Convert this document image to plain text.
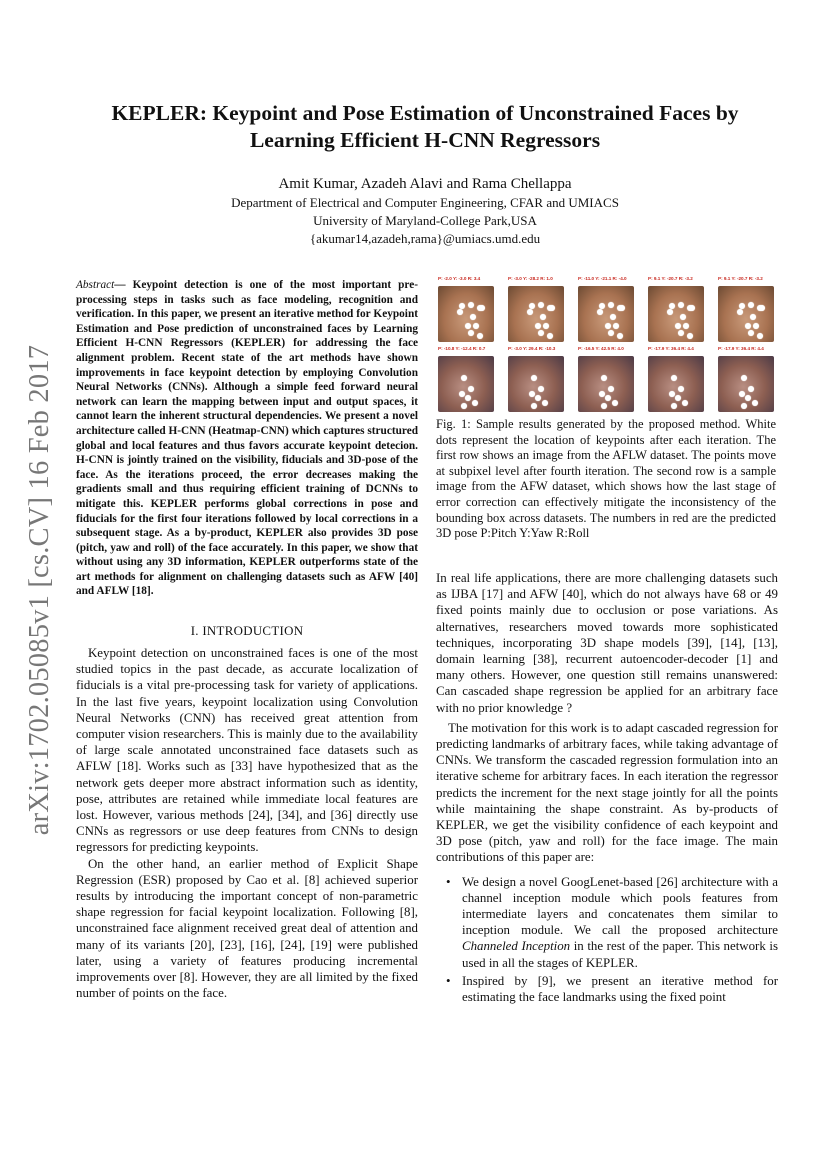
arXiv:1702.05085v1 [cs.CV] 16 Feb 2017
KEPLER: Keypoint and Pose Estimation of Unconstrained Faces by
Learning Efficient H-CNN Regressors
Amit Kumar, Azadeh Alavi and Rama Chellappa
Department of Electrical and Computer Engineering, CFAR and UMIACS
University of Maryland-College Park,USA
{akumar14,azadeh,rama}@umiacs.umd.edu
Abstract— Keypoint detection is one of the most important pre-processing steps in tasks such as face modeling, recognition and verification. In this paper, we present an iterative method for Keypoint Estimation and Pose prediction of unconstrained faces by Learning Efficient H-CNN Regressors (KEPLER) for addressing the face alignment problem. Recent state of the art methods have shown improvements in face keypoint detection by employing Convolution Neural Networks (CNNs). Although a simple feed forward neural network can learn the mapping between input and output spaces, it cannot learn the inherent structural dependencies. We present a novel architecture called H-CNN (Heatmap-CNN) which captures structured global and local features and thus favors accurate keypoint detecion. H-CNN is jointly trained on the visibility, fiducials and 3D-pose of the face. As the iterations proceed, the error decreases making the gradients small and thus requiring efficient training of DCNNs to mitigate this. KEPLER performs global corrections in pose and fiducials for the first four iterations followed by local corrections in a subsequent stage. As a by-product, KEPLER also provides 3D pose (pitch, yaw and roll) of the face accurately. In this paper, we show that without using any 3D information, KEPLER outperforms state of the art methods for alignment on challenging datasets such as AFW [40] and AFLW [18].
I. INTRODUCTION

Keypoint detection on unconstrained faces is one of the most studied topics in the past decade, as accurate localization of fiducials is a vital pre-processing task for variety of applications. In the last five years, keypoint localization using Convolution Neural Networks (CNN) has received great attention from computer vision researchers. This is mainly due to the availability of large scale annotated unconstrained face datasets such as AFLW [18]. Works such as [33] have hypothesized that as the network gets deeper more abstract information such as identity, pose, attributes are retained while immediate local features are lost. However, various methods [24], [34], and [36] directly use CNNs as regressors or use deep features from CNNs to design regressors for predicting keypoints.

On the other hand, an earlier method of Explicit Shape Regression (ESR) proposed by Cao et al. [8] achieved superior results by introducing the important concept of non-parametric shape regression for facial keypoint localization. Following [8], unconstrained face alignment received great deal of attention and many of its variants [20], [23], [16], [24], [19] were published later, using a variety of features producing incremental improvements over [8]. However, they are all limited by the fixed number of points on the face.

P: -2.0 Y: -3.0 R: 3.4	P: -3.0 Y: -28.2 R: 1.0	P: -11.0 Y: -21.1 R: -4.0	P: 9.1 Y: -20.7 R: -3.2	P: 9.1 Y: -20.7 R: -3.2
P: -10.8 Y: -12.4 R: 0.7	P: -3.0 Y: 29.4 R: -10.3	P: -16.5 Y: 42.5 R: 4.0	P: -17.9 Y: 36.4 R: 4.4	P: -17.9 Y: 36.4 R: 4.4
Fig. 1: Sample results generated by the proposed method. White dots represent the location of keypoints after each iteration. The first row shows an image from the AFLW dataset. The points move at subpixel level after fourth iteration. The second row is a sample image from the AFW dataset, which shows how the last stage of error correction can effectively mitigate the inconsistency of the bounding box across datasets. The numbers in red are the predicted 3D pose P:Pitch Y:Yaw R:Roll

In real life applications, there are more challenging datasets such as IJBA [17] and AFW [40], which do not always have 68 or 49 fixed points mainly due to occlusion or pose variations. As alternatives, researchers moved towards more sophisticated techniques, incorporating 3D shape models [39], [14], [13], domain learning [38], recurrent autoencoder-decoder [1] and many others. However, one question still remains unanswered: Can cascaded shape regression be applied for an arbitrary face with no prior knowledge ?

The motivation for this work is to adapt cascaded regression for predicting landmarks of arbitrary faces, while taking advantage of CNNs. We transform the cascaded regression formulation into an iterative scheme for arbitrary faces. In each iteration the regressor predicts the increment for the next stage jointly for all the points while maintaining the shape constraint. As by-products of KEPLER, we get the visibility confidence of each keypoint and 3D pose (pitch, yaw and roll) for the face image. The main contributions of this paper are:

• We design a novel GoogLenet-based [26] architecture with a channel inception module which pools features from intermediate layers and concatenates them similar to inception module. We call the proposed architecture Channeled Inception in the rest of the paper. This network is used in all the stages of KEPLER.
• Inspired by [9], we present an iterative method for estimating the face landmarks using the fixed point
